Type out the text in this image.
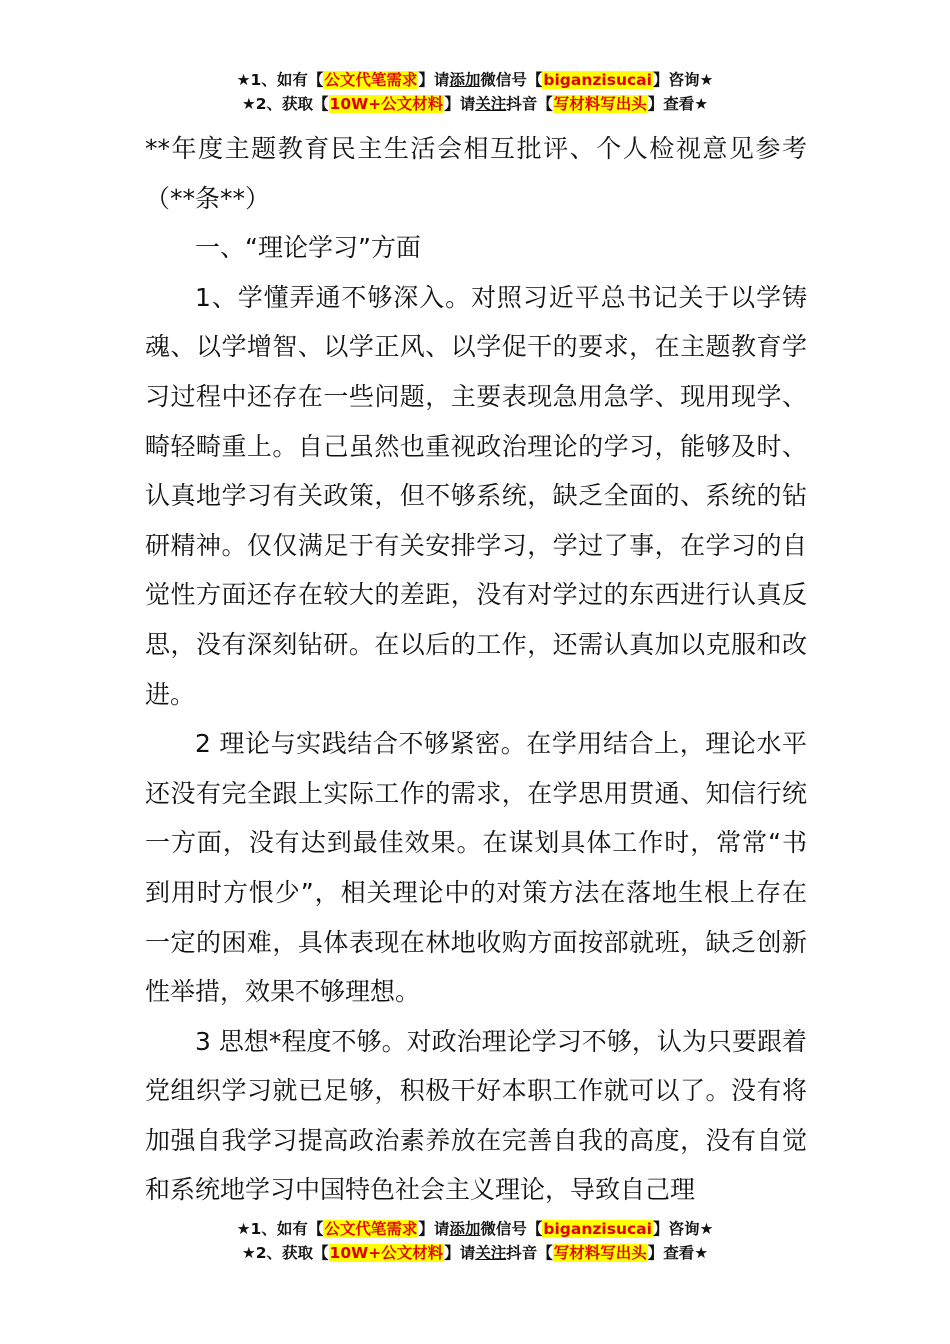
★1、如有【公文代笔需求】请添加微信号【biganzisucai】咨询★
★2、获取【10W+公文材料】请关注抖音【写材料写出头】查看★

**年度主题教育民主生活会相互批评、个人检视意见参考（**条**）

一、“理论学习”方面

1、学懂弄通不够深入。对照习近平总书记关于以学铸魂、以学增智、以学正风、以学促干的要求，在主题教育学习过程中还存在一些问题，主要表现急用急学、现用现学、畸轻畸重上。自己虽然也重视政治理论的学习，能够及时、认真地学习有关政策，但不够系统，缺乏全面的、系统的钻研精神。仅仅满足于有关安排学习，学过了事，在学习的自觉性方面还存在较大的差距，没有对学过的东西进行认真反思，没有深刻钻研。在以后的工作，还需认真加以克服和改进。

2 理论与实践结合不够紧密。在学用结合上，理论水平还没有完全跟上实际工作的需求，在学思用贯通、知信行统一方面，没有达到最佳效果。在谋划具体工作时，常常“书到用时方恨少”，相关理论中的对策方法在落地生根上存在一定的困难，具体表现在林地收购方面按部就班，缺乏创新性举措，效果不够理想。

3 思想*程度不够。对政治理论学习不够，认为只要跟着党组织学习就已足够，积极干好本职工作就可以了。没有将加强自我学习提高政治素养放在完善自我的高度，没有自觉和系统地学习中国特色社会主义理论，导致自己理

★1、如有【公文代笔需求】请添加微信号【biganzisucai】咨询★
★2、获取【10W+公文材料】请关注抖音【写材料写出头】查看★
